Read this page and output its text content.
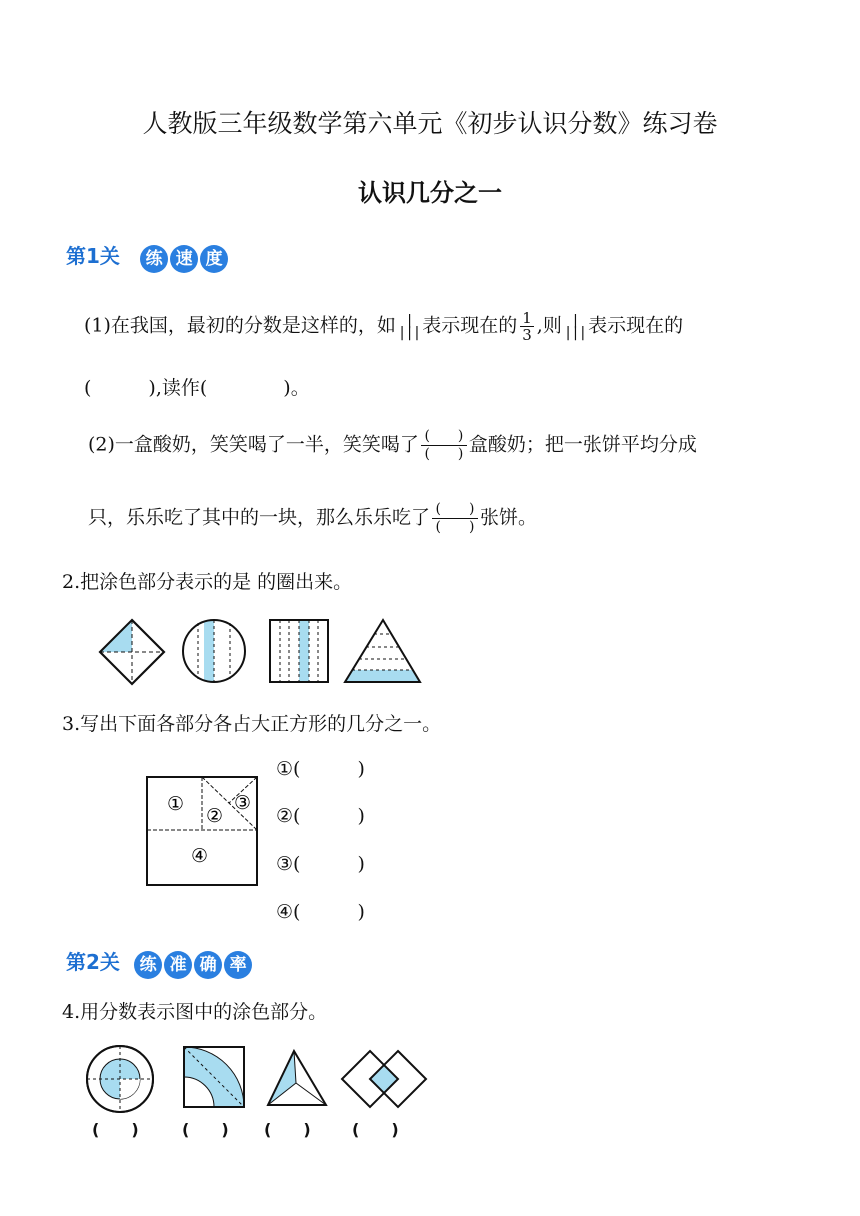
人教版三年级数学第六单元《初步认识分数》练习卷
认识几分之一
第1关 练 速 度
(1)在我国，最初的分数是这样的，如 |
||| 表示现在的 $\frac{1}{3}$ ,则 |
||| 表示现在的
(　　　),读作(　　　　)。
(2)一盒酸奶，笑笑喝了一半，笑笑喝了 $\frac{( )}{( )}$ 盒酸奶；把一张饼平均分成
只，乐乐吃了其中的一块，那么乐乐吃了 $\frac{( )}{( )}$ 张饼。
2.把涂色部分表示的是 的圈出来。
3.写出下面各部分各占大正方形的几分之一。
①
②
③
④
①(　　　)
②(　　　)
③(　　　)
④(　　　)
第2关 练 准 确 率
4.用分数表示图中的涂色部分。
(　　)	(　　) (　　)	(　　)
